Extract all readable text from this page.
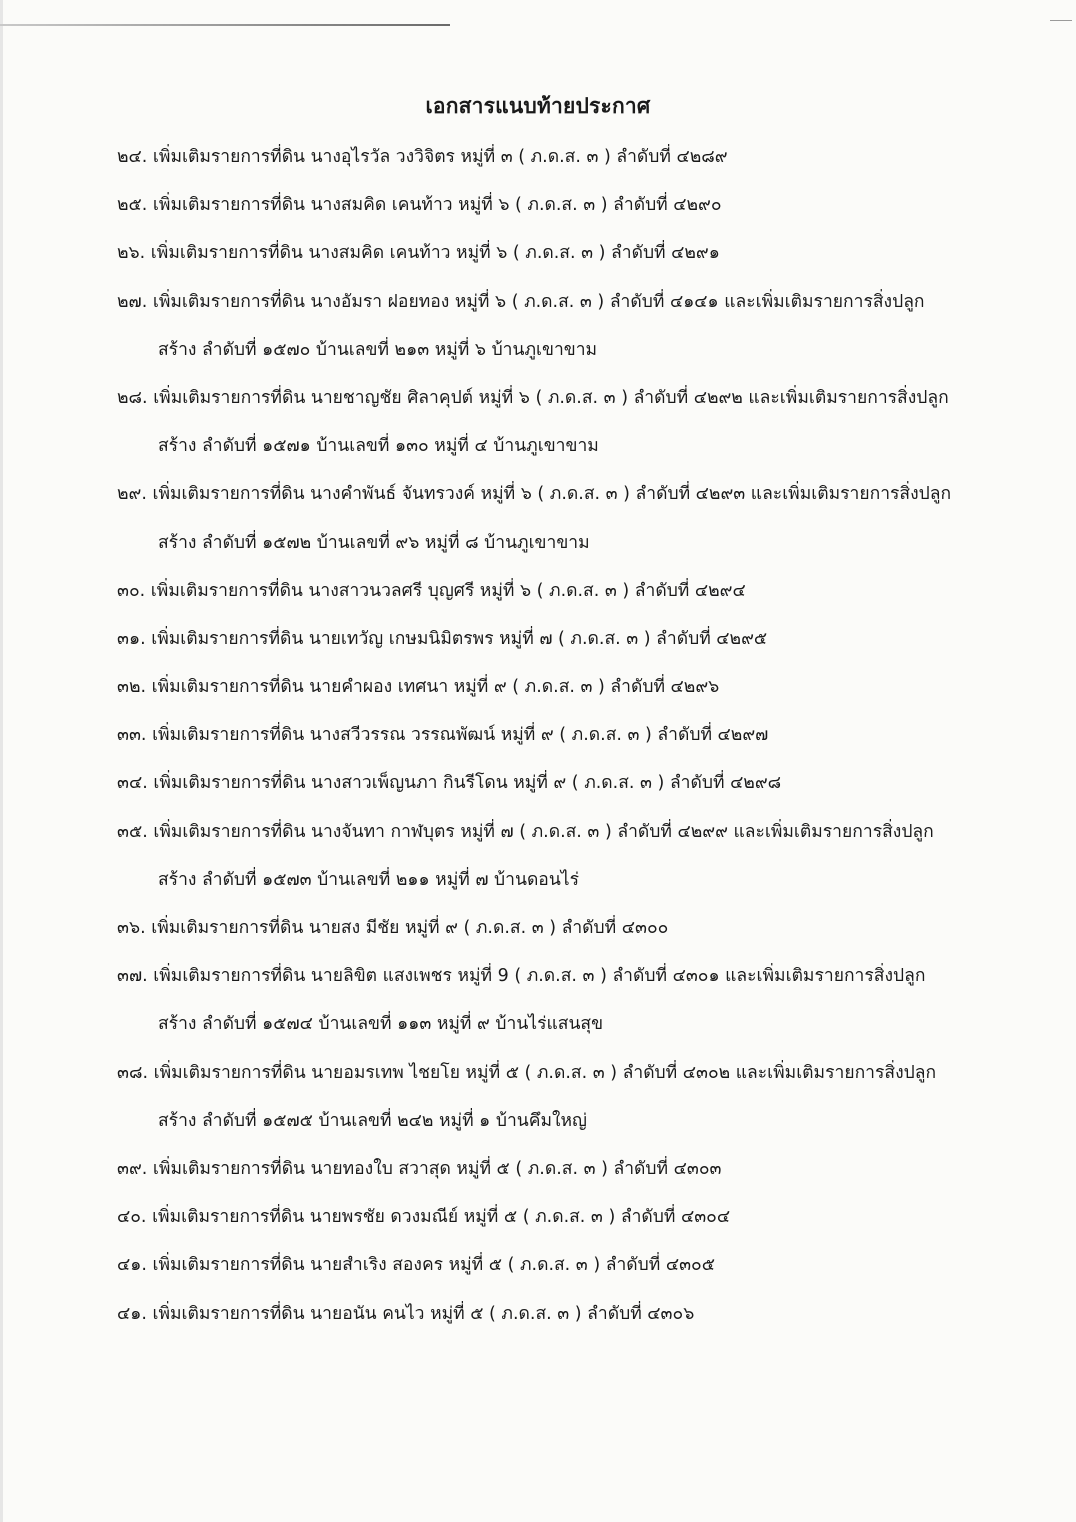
เอกสารแนบท้ายประกาศ
๒๔. เพิ่มเติมรายการที่ดิน นางอุไรวัล วงวิจิตร หมู่ที่ ๓ ( ภ.ด.ส. ๓ ) ลำดับที่ ๔๒๘๙
๒๕. เพิ่มเติมรายการที่ดิน นางสมคิด เคนท้าว หมู่ที่ ๖ ( ภ.ด.ส. ๓ ) ลำดับที่ ๔๒๙๐
๒๖. เพิ่มเติมรายการที่ดิน นางสมคิด เคนท้าว หมู่ที่ ๖ ( ภ.ด.ส. ๓ ) ลำดับที่ ๔๒๙๑
๒๗. เพิ่มเติมรายการที่ดิน นางอัมรา ฝอยทอง หมู่ที่ ๖ ( ภ.ด.ส. ๓ ) ลำดับที่ ๔๑๔๑ และเพิ่มเติมรายการสิ่งปลูก
สร้าง ลำดับที่ ๑๕๗๐ บ้านเลขที่ ๒๑๓ หมู่ที่ ๖ บ้านภูเขาขาม
๒๘. เพิ่มเติมรายการที่ดิน นายชาญชัย ศิลาคุปต์ หมู่ที่ ๖ ( ภ.ด.ส. ๓ ) ลำดับที่ ๔๒๙๒ และเพิ่มเติมรายการสิ่งปลูก
สร้าง ลำดับที่ ๑๕๗๑ บ้านเลขที่ ๑๓๐ หมู่ที่ ๔ บ้านภูเขาขาม
๒๙. เพิ่มเติมรายการที่ดิน นางคำพันธ์ จันทรวงค์ หมู่ที่ ๖ ( ภ.ด.ส. ๓ ) ลำดับที่ ๔๒๙๓ และเพิ่มเติมรายการสิ่งปลูก
สร้าง ลำดับที่ ๑๕๗๒ บ้านเลขที่ ๙๖ หมู่ที่ ๘ บ้านภูเขาขาม
๓๐. เพิ่มเติมรายการที่ดิน นางสาวนวลศรี บุญศรี หมู่ที่ ๖ ( ภ.ด.ส. ๓ ) ลำดับที่ ๔๒๙๔
๓๑. เพิ่มเติมรายการที่ดิน นายเทวัญ เกษมนิมิตรพร หมู่ที่ ๗ ( ภ.ด.ส. ๓ ) ลำดับที่ ๔๒๙๕
๓๒. เพิ่มเติมรายการที่ดิน นายคำผอง เทศนา หมู่ที่ ๙ ( ภ.ด.ส. ๓ ) ลำดับที่ ๔๒๙๖
๓๓. เพิ่มเติมรายการที่ดิน นางสวีวรรณ วรรณพัฒน์ หมู่ที่ ๙ ( ภ.ด.ส. ๓ ) ลำดับที่ ๔๒๙๗
๓๔. เพิ่มเติมรายการที่ดิน นางสาวเพ็ญนภา กินรีโดน หมู่ที่ ๙ ( ภ.ด.ส. ๓ ) ลำดับที่ ๔๒๙๘
๓๕. เพิ่มเติมรายการที่ดิน นางจันทา กาฬบุตร หมู่ที่ ๗ ( ภ.ด.ส. ๓ ) ลำดับที่ ๔๒๙๙ และเพิ่มเติมรายการสิ่งปลูก
สร้าง ลำดับที่ ๑๕๗๓ บ้านเลขที่ ๒๑๑ หมู่ที่ ๗ บ้านดอนไร่
๓๖. เพิ่มเติมรายการที่ดิน นายสง มีชัย หมู่ที่ ๙ ( ภ.ด.ส. ๓ ) ลำดับที่ ๔๓๐๐
๓๗. เพิ่มเติมรายการที่ดิน นายลิขิต แสงเพชร หมู่ที่ 9 ( ภ.ด.ส. ๓ ) ลำดับที่ ๔๓๐๑ และเพิ่มเติมรายการสิ่งปลูก
สร้าง ลำดับที่ ๑๕๗๔ บ้านเลขที่ ๑๑๓ หมู่ที่ ๙ บ้านไร่แสนสุข
๓๘. เพิ่มเติมรายการที่ดิน นายอมรเทพ ไชยโย หมู่ที่ ๕ ( ภ.ด.ส. ๓ ) ลำดับที่ ๔๓๐๒ และเพิ่มเติมรายการสิ่งปลูก
สร้าง ลำดับที่ ๑๕๗๕ บ้านเลขที่ ๒๔๒ หมู่ที่ ๑ บ้านคึมใหญ่
๓๙. เพิ่มเติมรายการที่ดิน นายทองใบ สวาสุด หมู่ที่ ๕ ( ภ.ด.ส. ๓ ) ลำดับที่ ๔๓๐๓
๔๐. เพิ่มเติมรายการที่ดิน นายพรชัย ดวงมณีย์ หมู่ที่ ๕ ( ภ.ด.ส. ๓ ) ลำดับที่ ๔๓๐๔
๔๑. เพิ่มเติมรายการที่ดิน นายสำเริง สองคร หมู่ที่ ๕ ( ภ.ด.ส. ๓ ) ลำดับที่ ๔๓๐๕
๔๑. เพิ่มเติมรายการที่ดิน นายอนัน คนไว หมู่ที่ ๕ ( ภ.ด.ส. ๓ ) ลำดับที่ ๔๓๐๖
